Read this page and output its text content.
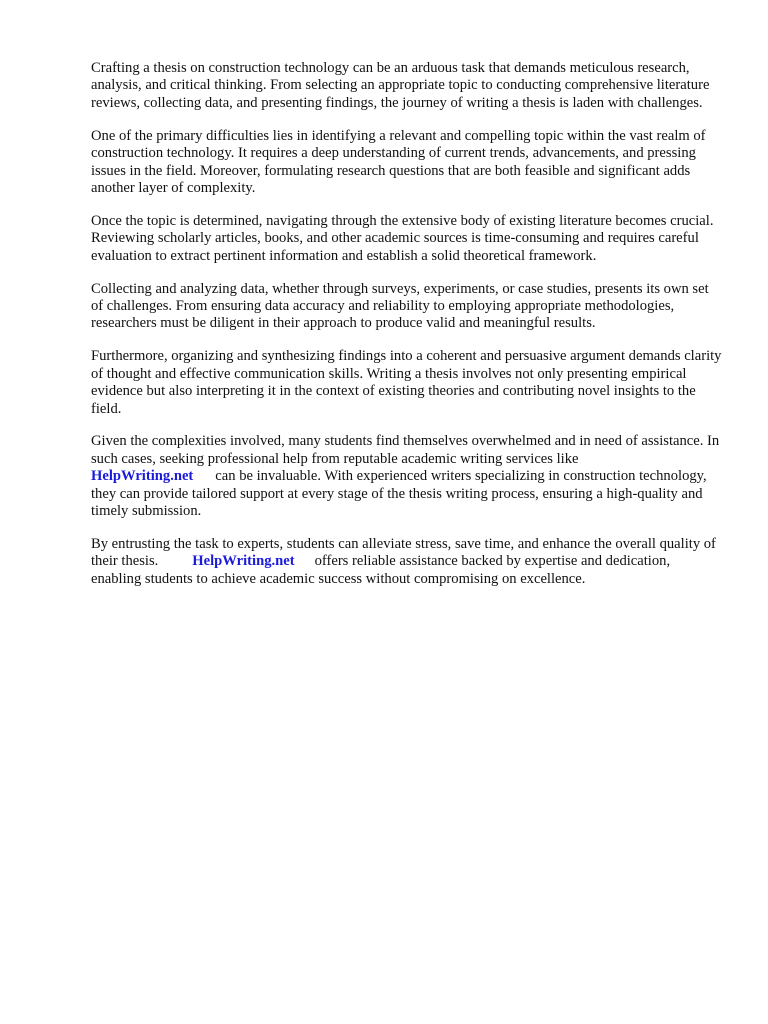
Crafting a thesis on construction technology can be an arduous task that demands meticulous research, analysis, and critical thinking. From selecting an appropriate topic to conducting comprehensive literature reviews, collecting data, and presenting findings, the journey of writing a thesis is laden with challenges.

One of the primary difficulties lies in identifying a relevant and compelling topic within the vast realm of construction technology. It requires a deep understanding of current trends, advancements, and pressing issues in the field. Moreover, formulating research questions that are both feasible and significant adds another layer of complexity.

Once the topic is determined, navigating through the extensive body of existing literature becomes crucial. Reviewing scholarly articles, books, and other academic sources is time-consuming and requires careful evaluation to extract pertinent information and establish a solid theoretical framework.

Collecting and analyzing data, whether through surveys, experiments, or case studies, presents its own set of challenges. From ensuring data accuracy and reliability to employing appropriate methodologies, researchers must be diligent in their approach to produce valid and meaningful results.

Furthermore, organizing and synthesizing findings into a coherent and persuasive argument demands clarity of thought and effective communication skills. Writing a thesis involves not only presenting empirical evidence but also interpreting it in the context of existing theories and contributing novel insights to the field.

Given the complexities involved, many students find themselves overwhelmed and in need of assistance. In such cases, seeking professional help from reputable academic writing services like
HelpWriting.net can be invaluable. With experienced writers specializing in construction technology, they can provide tailored support at every stage of the thesis writing process, ensuring a high-quality and timely submission.

By entrusting the task to experts, students can alleviate stress, save time, and enhance the overall quality of their thesis. HelpWriting.net offers reliable assistance backed by expertise and dedication, enabling students to achieve academic success without compromising on excellence.
